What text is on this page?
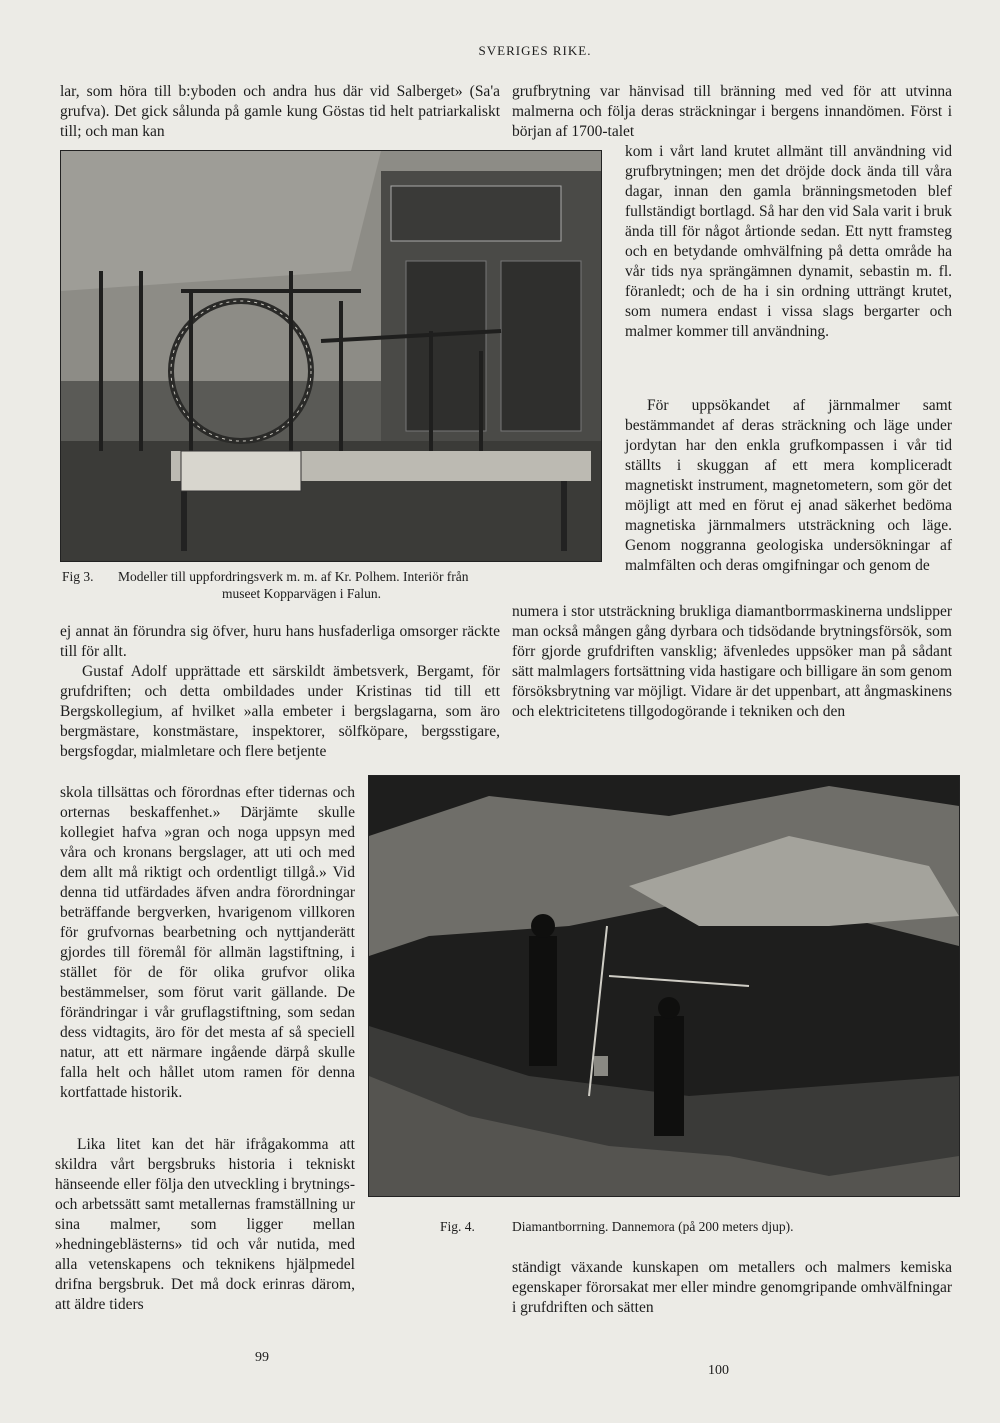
SVERIGES RIKE.

lar, som höra till b:yboden och andra hus där vid Salberget» (Sa'a grufva). Det gick sålunda på gamle kung Göstas tid helt patriarkaliskt till; och man kan

Fig 3.	Modeller till uppfordringsverk m. m. af Kr. Polhem. Interiör från
museet Kopparvägen i Falun.

ej annat än förundra sig öfver, huru hans husfaderliga omsorger räckte till för allt.

Gustaf Adolf upprättade ett särskildt ämbetsverk, Bergamt, för grufdriften; och detta ombildades under Kristinas tid till ett Bergskollegium, af hvilket »alla embeter i bergslagarna, som äro bergmästare, konstmästare, inspektorer, sölfköpare, bergsstigare, bergsfogdar, mialmletare och flere betjente

skola tillsättas och förordnas efter tidernas och orternas beskaffenhet.» Därjämte skulle kollegiet hafva »gran och noga uppsyn med våra och kronans bergslager, att uti och med dem allt må riktigt och ordentligt tillgå.» Vid denna tid utfärdades äfven andra förordningar beträffande bergverken, hvarigenom villkoren för grufvornas bearbetning och nyttjanderätt gjordes till föremål för allmän lagstiftning, i stället för de för olika grufvor olika bestämmelser, som förut varit gällande. De förändringar i vår gruflagstiftning, som sedan dess vidtagits, äro för det mesta af så speciell natur, att ett närmare ingående därpå skulle falla helt och hållet utom ramen för denna kortfattade historik.

Lika litet kan det här ifrågakomma att skildra vårt bergsbruks historia i tekniskt hänseende eller följa den utveckling i brytnings- och arbetssätt samt metallernas framställning ur sina malmer, som ligger mellan »hedningeblästerns» tid och vår nutida, med alla vetenskapens och teknikens hjälpmedel drifna bergsbruk. Det må dock erinras därom, att äldre tiders

99

grufbrytning var hänvisad till bränning med ved för att utvinna malmerna och följa deras sträckningar i bergens innandömen. Först i början af 1700-talet

kom i vårt land krutet allmänt till användning vid grufbrytningen; men det dröjde dock ända till våra dagar, innan den gamla bränningsmetoden blef fullständigt bortlagd. Så har den vid Sala varit i bruk ända till för något årtionde sedan. Ett nytt framsteg och en betydande omhvälfning på detta område ha vår tids nya sprängämnen dynamit, sebastin m. fl. föranledt; och de ha i sin ordning utträngt krutet, som numera endast i vissa slags bergarter och malmer kommer till användning.

För uppsökandet af järnmalmer samt bestämmandet af deras sträckning och läge under jordytan har den enkla grufkompassen i vår tid ställts i skuggan af ett mera kompliceradt magnetiskt instrument, magnetometern, som gör det möjligt att med en förut ej anad säkerhet bedöma magnetiska järnmalmers utsträckning och läge. Genom noggranna geologiska undersökningar af malmfälten och deras omgifningar och genom de

numera i stor utsträckning brukliga diamantborrmaskinerna undslipper man också mången gång dyrbara och tidsödande brytningsförsök, som förr gjorde grufdriften vansklig; äfvenledes uppsöker man på sådant sätt malmlagers fortsättning vida hastigare och billigare än som genom försöksbrytning var möjligt. Vidare är det uppenbart, att ångmaskinens och elektricitetens tillgodogörande i tekniken och den

Fig. 4.	Diamantborrning. Dannemora (på 200 meters djup).

ständigt växande kunskapen om metallers och malmers kemiska egenskaper förorsakat mer eller mindre genomgripande omhvälfningar i grufdriften och sätten

100
